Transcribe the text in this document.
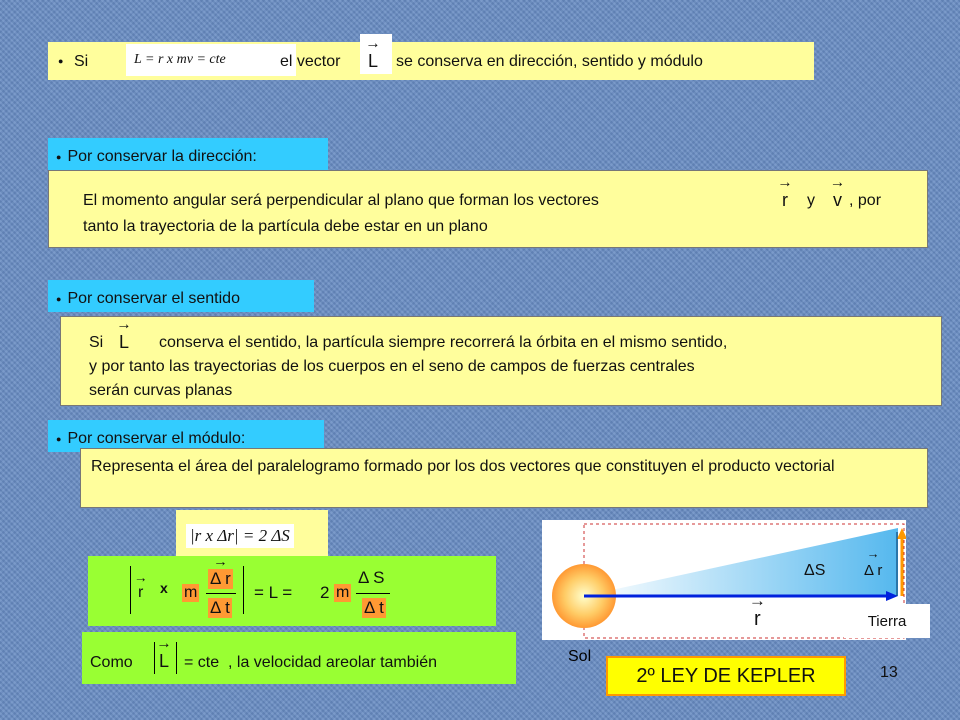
● Si	L = r x mv = cte	el vector → L se conserva en dirección, sentido y módulo
● Por conservar la dirección:
El momento angular será perpendicular al plano que forman los vectores	→ r y → v , por
tanto la trayectoria de la partícula debe estar en un plano
● Por conservar el sentido
Si → L conserva el sentido, la partícula siempre recorrerá la órbita en el mismo sentido,
y por tanto las trayectorias de los cuerpos en el seno de campos de fuerzas centrales
serán curvas planas
● Por conservar el módulo:
Representa el área del paralelogramo formado por los dos vectores que constituyen el producto vectorial
|r x Δr| = 2 ΔS
→ r x m
→ Δ r
Δ t
= L = 2 m
Δ S
Δ t
Como → L = cte , la velocidad areolar también
ΔS	→ Δ r
→ r	Tierra
Sol
2º LEY DE KEPLER	13
